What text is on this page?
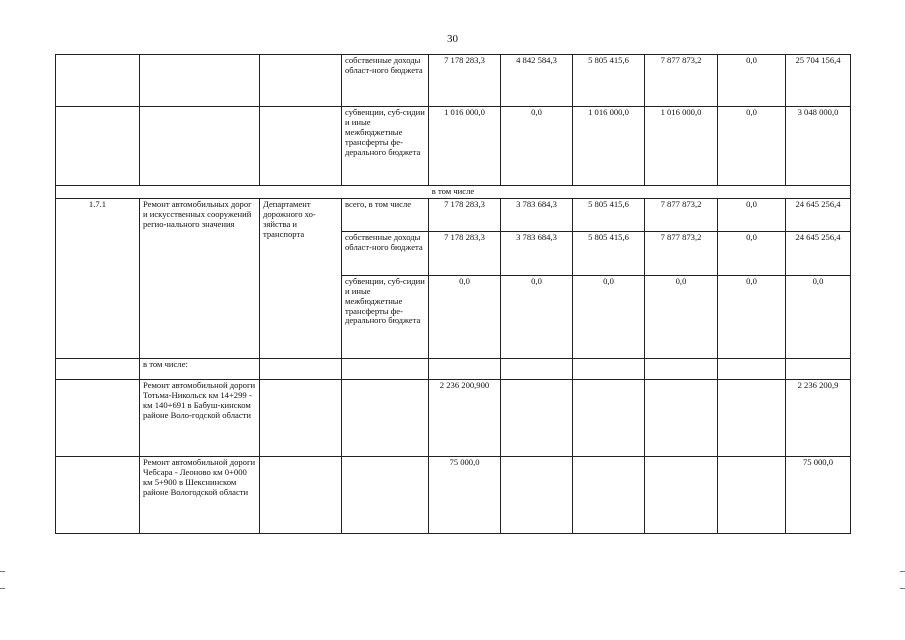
30
			собственные доходы област-ного бюджета	7 178 283,3	4 842 584,3	5 805 415,6	7 877 873,2	0,0	25 704 156,4
			субвенции, суб-сидии и иные межбюджетные трансферты фе-дерального бюджета	1 016 000,0	0,0	1 016 000,0	1 016 000,0	0,0	3 048 000,0
в том числе									
1.7.1	Ремонт автомобильных дорог и искусственных сооружений регио-нального значения	Департамент дорожного хо-зяйства и транспорта	всего, в том числе	7 178 283,3	3 783 684,3	5 805 415,6	7 877 873,2	0,0	24 645 256,4
			собственные доходы област-ного бюджета	7 178 283,3	3 783 684,3	5 805 415,6	7 877 873,2	0,0	24 645 256,4
			субвенции, суб-сидии и иные межбюджетные трансферты фе-дерального бюджета	0,0	0,0	0,0	0,0	0,0	0,0
	в том числе:								
	Ремонт автомобильной дороги Тотьма-Никольск км 14+299 - км 140+691 в Бабуш-кинском районе Воло-годской области			2 236 200,900					2 236 200,9
	Ремонт автомобильной дороги Чебсара - Леоново км 0+000 км 5+900 в Шекснинском районе Вологодской области			75 000,0					75 000,0
